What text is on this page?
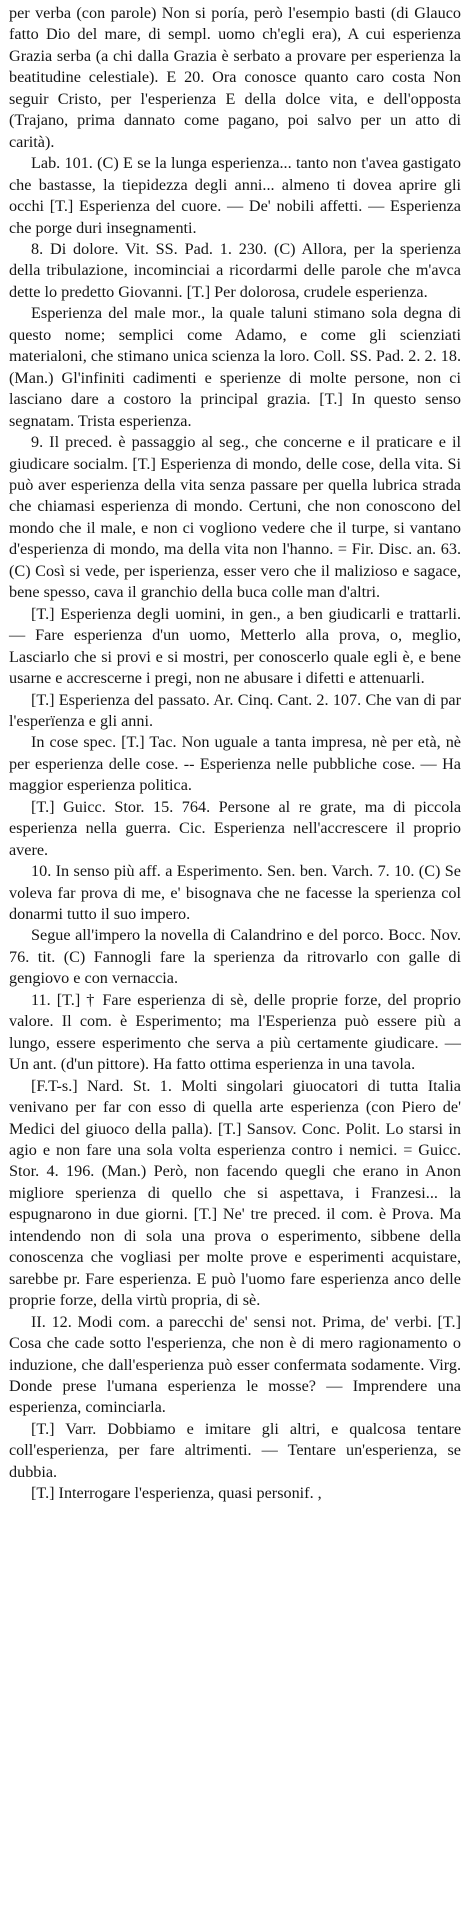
per verba (con parole) Non si poría, però l'esempio basti (di Glauco fatto Dio del mare, di sempl. uomo ch'egli era), A cui esperienza Grazia serba (a chi dalla Grazia è serbato a provare per esperienza la beatitudine celestiale). E 20. Ora conosce quanto caro costa Non seguir Cristo, per l'esperienza E della dolce vita, e dell'opposta (Trajano, prima dannato come pagano, poi salvo per un atto di carità).

Lab. 101. (C) E se la lunga esperienza... tanto non t'avea gastigato che bastasse, la tiepidezza degli anni... almeno ti dovea aprire gli occhi [T.] Esperienza del cuore. — De' nobili affetti. — Esperienza che porge duri insegnamenti.

8. Di dolore. Vit. SS. Pad. 1. 230. (C) Allora, per la sperienza della tribulazione, incominciai a ricordarmi delle parole che m'avca dette lo predetto Giovanni. [T.] Per dolorosa, crudele esperienza.

Esperienza del male mor., la quale taluni stimano sola degna di questo nome; semplici come Adamo, e come gli scienziati materialoni, che stimano unica scienza la loro. Coll. SS. Pad. 2. 2. 18. (Man.) Gl'infiniti cadimenti e sperienze di molte persone, non ci lasciano dare a costoro la principal grazia. [T.] In questo senso segnatam. Trista esperienza.

9. Il preced. è passaggio al seg., che concerne e il praticare e il giudicare socialm. [T.] Esperienza di mondo, delle cose, della vita. Si può aver esperienza della vita senza passare per quella lubrica strada che chiamasi esperienza di mondo. Certuni, che non conoscono del mondo che il male, e non ci vogliono vedere che il turpe, si vantano d'esperienza di mondo, ma della vita non l'hanno. = Fir. Disc. an. 63. (C) Così si vede, per isperienza, esser vero che il malizioso e sagace, bene spesso, cava il granchio della buca colle man d'altri.

[T.] Esperienza degli uomini, in gen., a ben giudicarli e trattarli. — Fare esperienza d'un uomo, Metterlo alla prova, o, meglio, Lasciarlo che si provi e si mostri, per conoscerlo quale egli è, e bene usarne e accrescerne i pregi, non ne abusare i difetti e attenuarli.

[T.] Esperienza del passato. Ar. Cinq. Cant. 2. 107. Che van di par l'esperïenza e gli anni.

In cose spec. [T.] Tac. Non uguale a tanta impresa, nè per età, nè per esperienza delle cose. -- Esperienza nelle pubbliche cose. — Ha maggior esperienza politica.

[T.] Guicc. Stor. 15. 764. Persone al re grate, ma di piccola esperienza nella guerra. Cic. Esperienza nell'accrescere il proprio avere.

10. In senso più aff. a Esperimento. Sen. ben. Varch. 7. 10. (C) Se voleva far prova di me, e' bisognava che ne facesse la sperienza col donarmi tutto il suo impero.

Segue all'impero la novella di Calandrino e del porco. Bocc. Nov. 76. tit. (C) Fannogli fare la sperienza da ritrovarlo con galle di gengiovo e con vernaccia.

11. [T.] † Fare esperienza di sè, delle proprie forze, del proprio valore. Il com. è Esperimento; ma l'Esperienza può essere più a lungo, essere esperimento che serva a più certamente giudicare. — Un ant. (d'un pittore). Ha fatto ottima esperienza in una tavola.

[F.T-s.] Nard. St. 1. Molti singolari giuocatori di tutta Italia venivano per far con esso di quella arte esperienza (con Piero de' Medici del giuoco della palla). [T.] Sansov. Conc. Polit. Lo starsi in agio e non fare una sola volta esperienza contro i nemici. = Guicc. Stor. 4. 196. (Man.) Però, non facendo quegli che erano in Anon migliore sperienza di quello che si aspettava, i Franzesi... la espugnarono in due giorni. [T.] Ne' tre preced. il com. è Prova. Ma intendendo non di sola una prova o esperimento, sibbene della conoscenza che vogliasi per molte prove e esperimenti acquistare, sarebbe pr. Fare esperienza. E può l'uomo fare esperienza anco delle proprie forze, della virtù propria, di sè.

II. 12. Modi com. a parecchi de' sensi not. Prima, de' verbi. [T.] Cosa che cade sotto l'esperienza, che non è di mero ragionamento o induzione, che dall'esperienza può esser confermata sodamente. Virg. Donde prese l'umana esperienza le mosse? — Imprendere una esperienza, cominciarla.

[T.] Varr. Dobbiamo e imitare gli altri, e qualcosa tentare coll'esperienza, per fare altrimenti. — Tentare un'esperienza, se dubbia.

[T.] Interrogare l'esperienza, quasi personif. ,
